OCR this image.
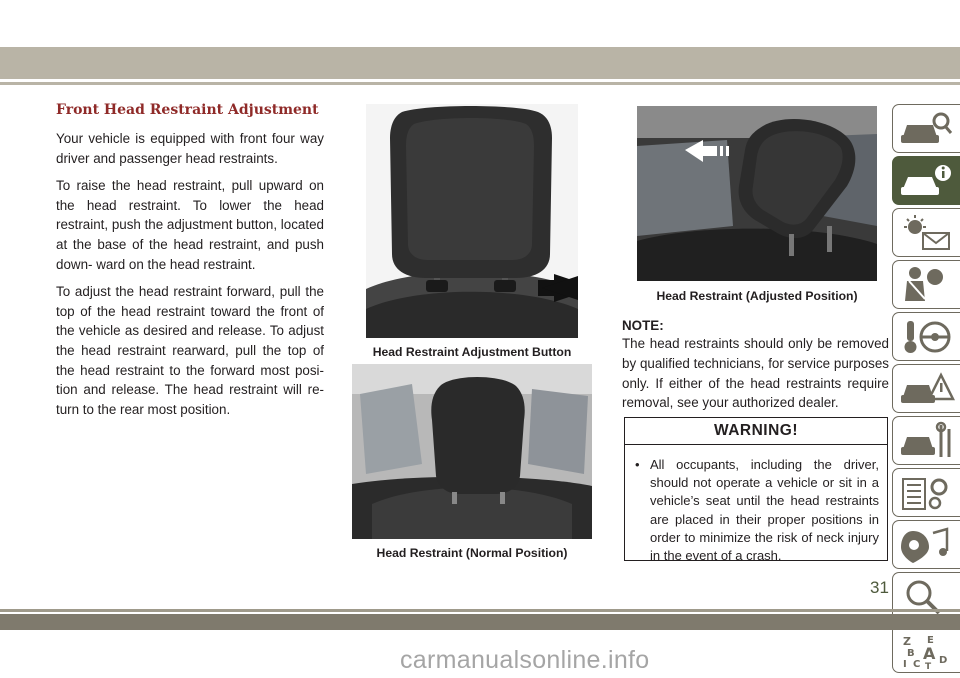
Front Head Restraint Adjustment

Your vehicle is equipped with front four way driver and passenger head restraints.

To raise the head restraint, pull upward on the head restraint. To lower the head restraint, push the adjustment button, located at the base of the head restraint, and push down- ward on the head restraint.

To adjust the head restraint forward, pull the top of the head restraint toward the front of the vehicle as desired and release. To adjust the head restraint rearward, pull the top of the head restraint to the forward most posi- tion and release. The head restraint will re- turn to the rear most position.

Head Restraint Adjustment Button
Head Restraint (Normal Position)
Head Restraint (Adjusted Position)
NOTE:
The head restraints should only be removed by qualified technicians, for service purposes only. If either of the head restraints require removal, see your authorized dealer.
WARNING!
• All occupants, including the driver, should not operate a vehicle or sit in a vehicle’s seat until the head restraints are placed in their proper positions in order to minimize the risk of neck injury in the event of a crash.
Z E
B A
I C T
D
31
carmanualsonline.info
